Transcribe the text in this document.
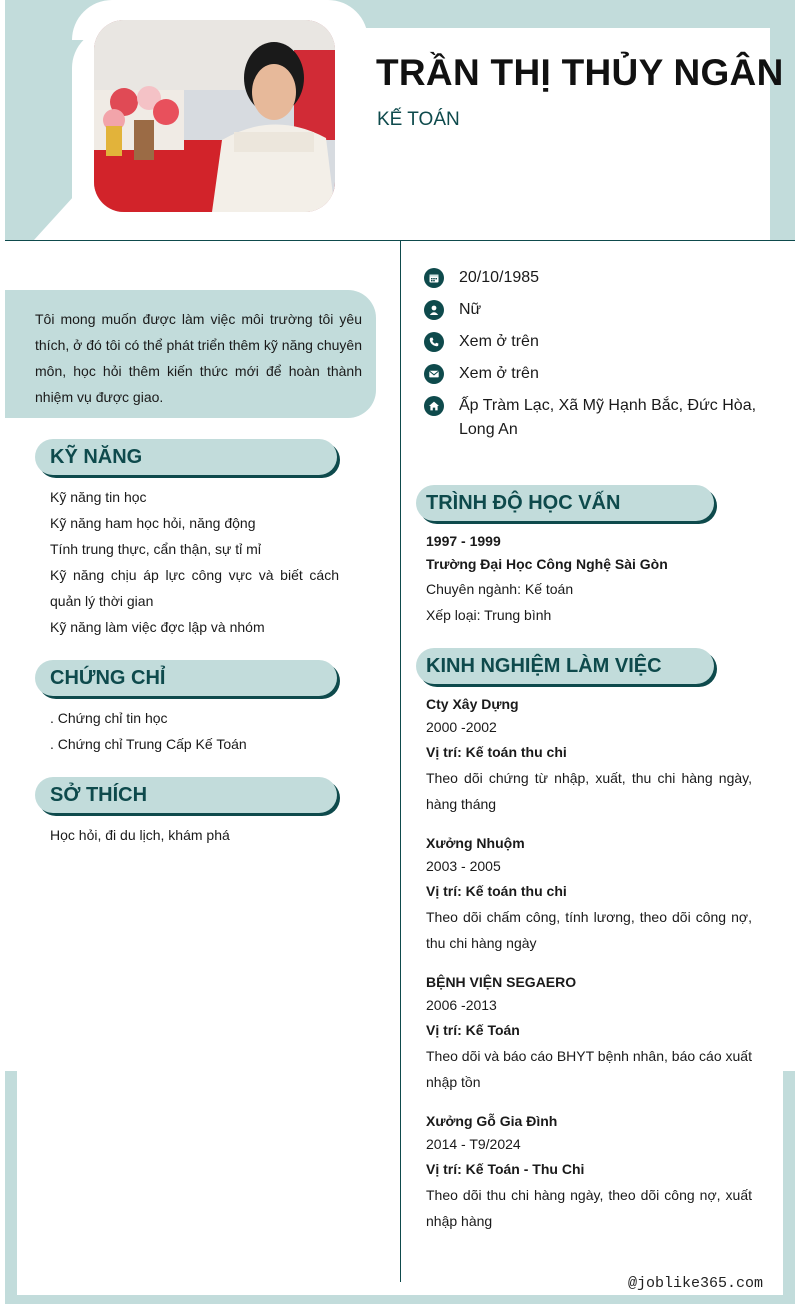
TRẦN THỊ THỦY NGÂN
KẾ TOÁN
Tôi mong muốn được làm việc môi trường tôi yêu thích, ở đó tôi có thể phát triển thêm kỹ năng chuyên môn, học hỏi thêm kiến thức mới để hoàn thành nhiệm vụ được giao.
KỸ NĂNG
Kỹ năng tin học
Kỹ năng ham học hỏi, năng động
Tính trung thực, cẩn thận, sự tỉ mỉ
Kỹ năng chịu áp lực công vực và biết cách quản lý thời gian
Kỹ năng làm việc đợc lập và nhóm
CHỨNG CHỈ
. Chứng chỉ tin học
. Chứng chỉ Trung Cấp Kế Toán
SỞ THÍCH
Học hỏi, đi du lịch, khám phá
20/10/1985
Nữ
Xem ở trên
Xem ở trên
Ấp Tràm Lạc, Xã Mỹ Hạnh Bắc, Đức Hòa, Long An
TRÌNH ĐỘ HỌC VẤN
1997 - 1999
Trường Đại Học Công Nghệ Sài Gòn
Chuyên ngành: Kế toán
Xếp loại: Trung bình
KINH NGHIỆM LÀM VIỆC
Cty Xây Dựng
2000 -2002
Vị trí: Kế toán thu chi
Theo dõi chứng từ nhập, xuất, thu chi hàng ngày, hàng tháng
Xưởng Nhuộm
2003 - 2005
Vị trí: Kế toán thu chi
Theo dõi chấm công, tính lương, theo dõi công nợ, thu chi hàng ngày
BỆNH VIỆN SEGAERO
2006 -2013
Vị trí: Kế Toán
Theo dõi và báo cáo BHYT bệnh nhân, báo cáo xuất nhập tồn
Xưởng Gỗ Gia Đình
2014 - T9/2024
Vị trí: Kế Toán - Thu Chi
Theo dõi thu chi hàng ngày, theo dõi công nợ, xuất nhập hàng
@joblike365.com
